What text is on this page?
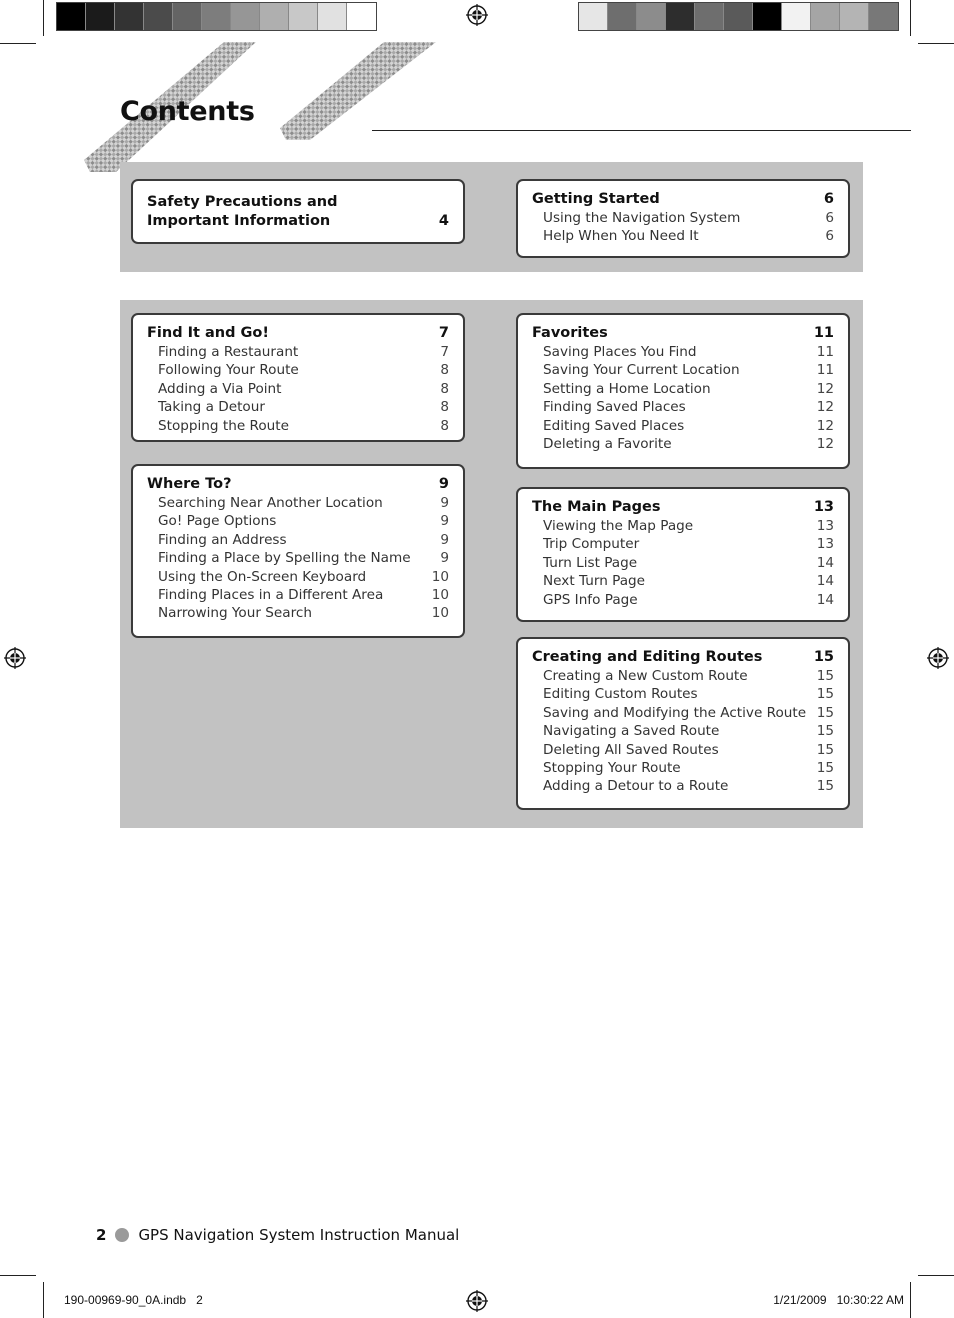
Contents
Safety Precautions and Important Information	4
Getting Started	6
Using the Navigation System	6
Help When You Need It	6
Find It and Go!	7
Finding a Restaurant	7
Following Your Route	8
Adding a Via Point	8
Taking a Detour	8
Stopping the Route	8
Where To?	9
Searching Near Another Location	9
Go! Page Options	9
Finding an Address	9
Finding a Place by Spelling the Name 9
Using the On-Screen Keyboard	10
Finding Places in a Different Area	10
Narrowing Your Search	10
Favorites	11
Saving Places You Find	11
Saving Your Current Location	11
Setting a Home Location	12
Finding Saved Places	12
Editing Saved Places	12
Deleting a Favorite	12
The Main Pages	13
Viewing the Map Page	13
Trip Computer	13
Turn List Page	14
Next Turn Page	14
GPS Info Page	14
Creating and Editing Routes	15
Creating a New Custom Route	15
Editing Custom Routes	15
Saving and Modifying the Active Route 15
Navigating a Saved Route	15
Deleting All Saved Routes	15
Stopping Your Route	15
Adding a Detour to a Route	15
2 GPS Navigation System Instruction Manual
190-00969-90_0A.indb   2	1/21/2009   10:30:22 AM
